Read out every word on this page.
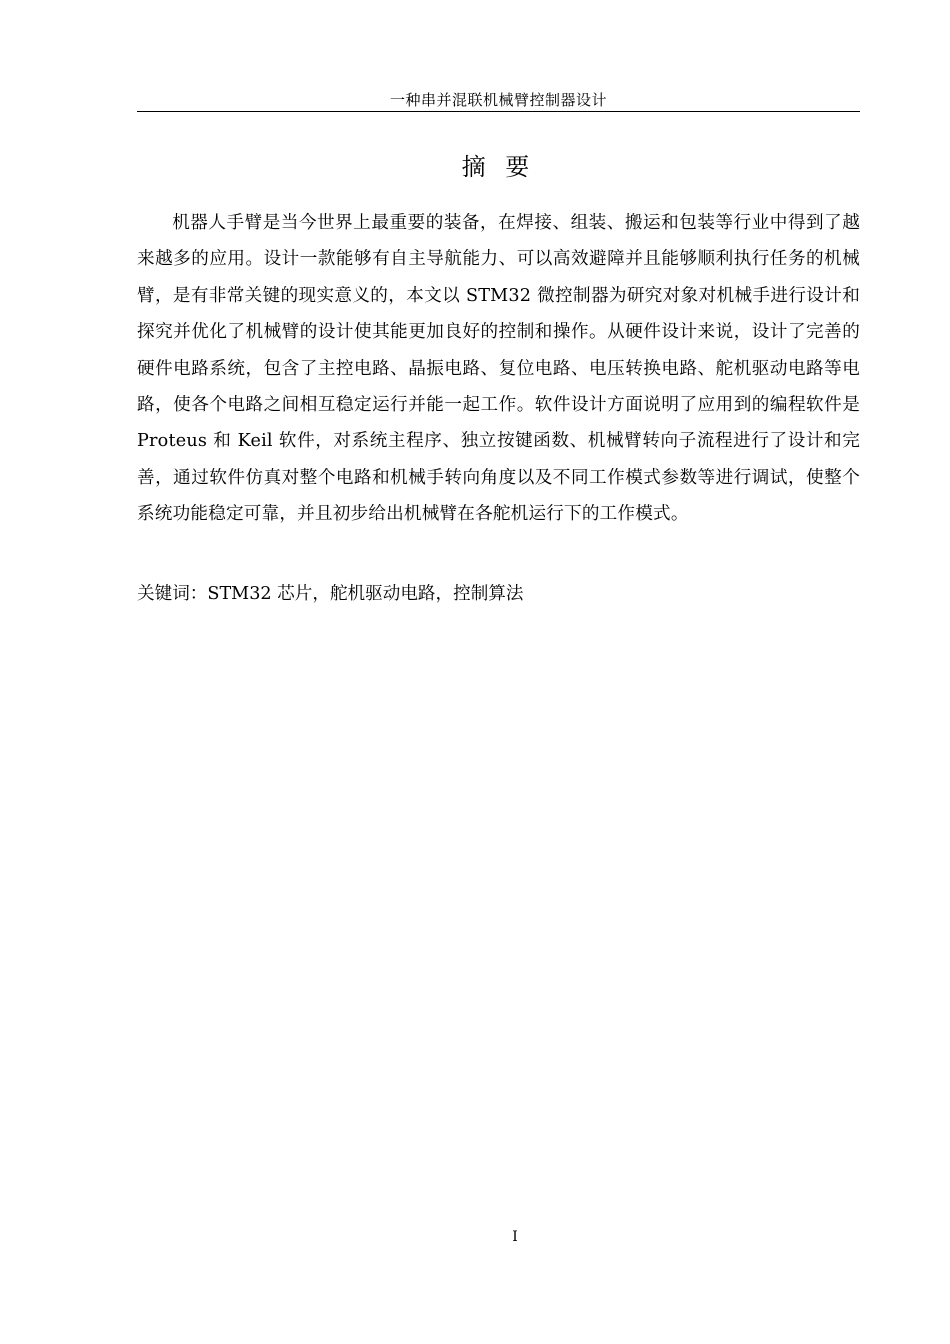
一种串并混联机械臂控制器设计
摘 要

机器人手臂是当今世界上最重要的装备，在焊接、组装、搬运和包装等行业中得到了越来越多的应用。设计一款能够有自主导航能力、可以高效避障并且能够顺利执行任务的机械臂，是有非常关键的现实意义的，本文以 STM32 微控制器为研究对象对机械手进行设计和探究并优化了机械臂的设计使其能更加良好的控制和操作。从硬件设计来说，设计了完善的硬件电路系统，包含了主控电路、晶振电路、复位电路、电压转换电路、舵机驱动电路等电路，使各个电路之间相互稳定运行并能一起工作。软件设计方面说明了应用到的编程软件是 Proteus 和 Keil 软件，对系统主程序、独立按键函数、机械臂转向子流程进行了设计和完善，通过软件仿真对整个电路和机械手转向角度以及不同工作模式参数等进行调试，使整个系统功能稳定可靠，并且初步给出机械臂在各舵机运行下的工作模式。

关键词：STM32 芯片，舵机驱动电路，控制算法
I
